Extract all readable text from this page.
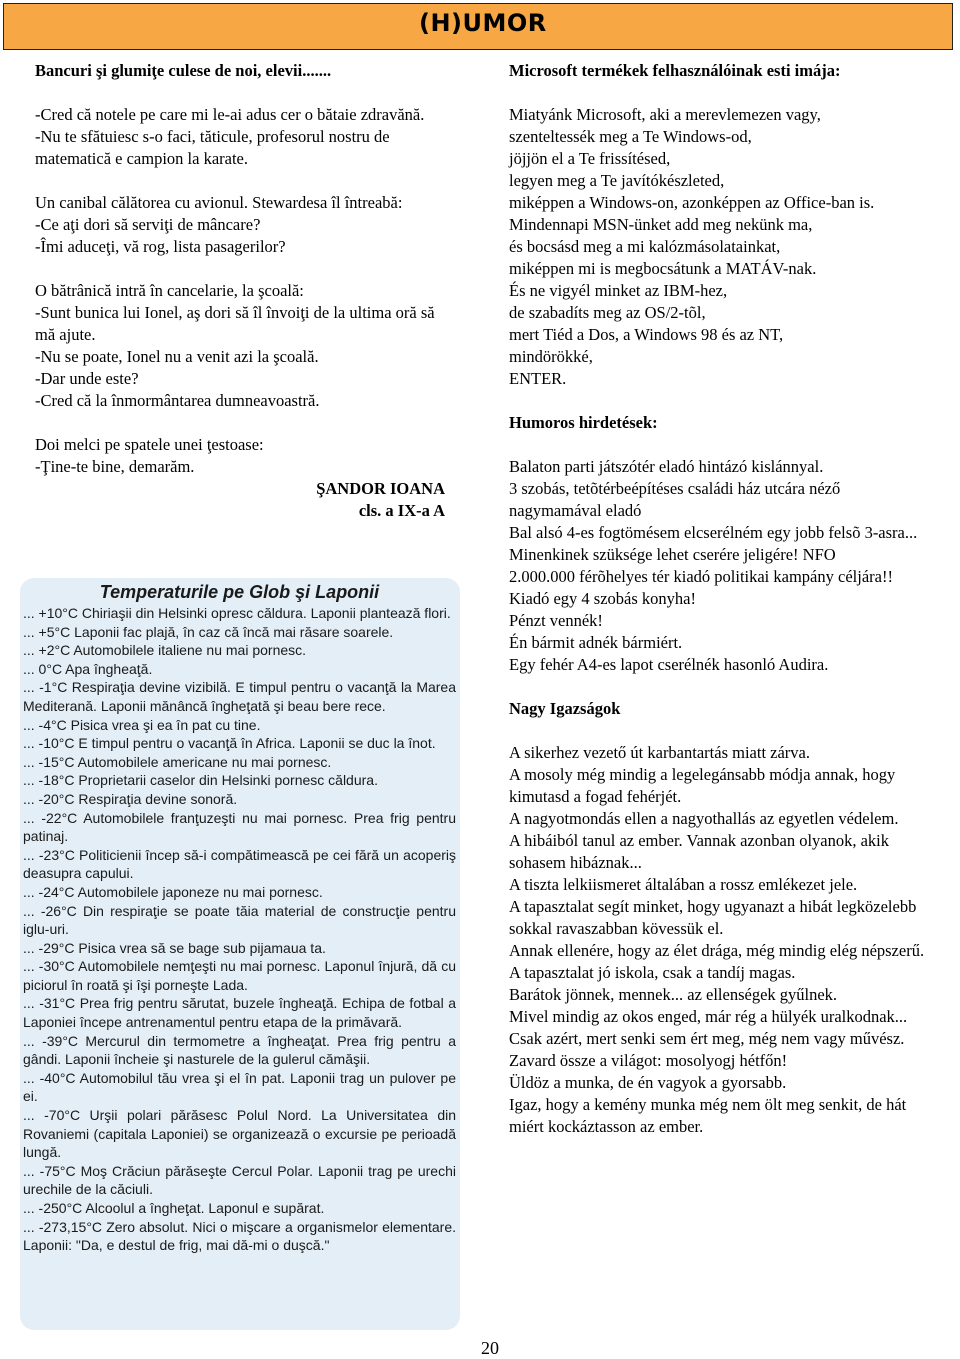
(H)UMOR

Bancuri şi glumiţe culese de noi, elevii.......

-Cred că notele pe care mi le-ai adus cer o bătaie zdravănă.

-Nu te sfătuiesc s-o faci, tăticule, profesorul nostru de matematică e campion la karate.

Un canibal călătorea cu avionul. Stewardesa îl întreabă:

-Ce aţi dori să serviţi de mâncare?

-Îmi aduceţi, vă rog, lista pasagerilor?

O bătrânică intră în cancelarie, la şcoală:

-Sunt bunica lui Ionel, aş dori să îl învoiţi de la ultima oră să mă ajute.

-Nu se poate, Ionel nu a venit azi la şcoală.

-Dar unde este?

-Cred că la înmormântarea dumneavoastră.

Doi melci pe spatele unei ţestoase:

-Ţine-te bine, demarăm.

ŞANDOR IOANA

cls. a IX-a A

Temperaturile pe Glob şi Laponii

... +10°C Chiriaşii din Helsinki opresc căldura. Laponii plantează flori.

... +5°C Laponii fac plajă, în caz că încă mai răsare soarele.

... +2°C Automobilele italiene nu mai pornesc.

... 0°C Apa îngheaţă.

... -1°C Respiraţia devine vizibilă. E timpul pentru o vacanţă la Marea Mediterană. Laponii mănâncă îngheţată şi beau bere rece.

... -4°C Pisica vrea şi ea în pat cu tine.

... -10°C E timpul pentru o vacanţă în Africa. Laponii se duc la înot.

... -15°C Automobilele americane nu mai pornesc.

... -18°C Proprietarii caselor din Helsinki pornesc căldura.

... -20°C Respiraţia devine sonoră.

... -22°C Automobilele franţuzeşti nu mai pornesc. Prea frig pentru patinaj.

... -23°C Politicienii încep să-i compătimească pe cei fără un acoperiş deasupra capului.

... -24°C Automobilele japoneze nu mai pornesc.

... -26°C Din respiraţie se poate tăia material de construcţie pentru iglu-uri.

... -29°C Pisica vrea să se bage sub pijamaua ta.

... -30°C Automobilele nemţeşti nu mai pornesc. Laponul înjură, dă cu piciorul în roată şi îşi porneşte Lada.

... -31°C Prea frig pentru sărutat, buzele îngheaţă. Echipa de fotbal a Laponiei începe antrenamentul pentru etapa de la primăvară.

... -39°C Mercurul din termometre a îngheaţat. Prea frig pentru a gândi. Laponii încheie şi nasturele de la gulerul cămăşii.

... -40°C Automobilul tău vrea şi el în pat. Laponii trag un pulover pe ei.

... -70°C Urşii polari părăsesc Polul Nord. La Universitatea din Rovaniemi (capitala Laponiei) se organizează o excursie pe perioadă lungă.

... -75°C Moş Crăciun părăseşte Cercul Polar. Laponii trag pe urechi urechile de la căciuli.

... -250°C Alcoolul a îngheţat. Laponul e supărat.

... -273,15°C Zero absolut. Nici o mişcare a organismelor elementare. Laponii: "Da, e destul de frig, mai dă-mi o duşcă."

Microsoft termékek felhasználóinak esti imája:

Miatyánk Microsoft, aki a merevlemezen vagy,

szenteltessék meg a Te Windows-od,

jöjjön el a Te frissítésed,

legyen meg a Te javítókészleted,

miképpen a Windows-on, azonképpen az Office-ban is.

Mindennapi MSN-ünket add meg nekünk ma,

és bocsásd meg a mi kalózmásolatainkat,

miképpen mi is megbocsátunk a MATÁV-nak.

És ne vigyél minket az IBM-hez,

de szabadíts meg az OS/2-tõl,

mert Tiéd a Dos, a Windows 98 és az NT,

mindörökké,

ENTER.

Humoros hirdetések:

Balaton parti játszótér eladó hintázó kislánnyal.

3 szobás, tetõtérbeépítéses családi ház utcára néző nagymamával eladó

Bal alsó 4-es fogtömésem elcserélném egy jobb felsõ 3-asra... Minenkinek szüksége lehet cserére jeligére! NFO

2.000.000 férõhelyes tér kiadó politikai kampány céljára!!

Kiadó egy 4 szobás konyha!

Pénzt vennék!

Én bármit adnék bármiért.

Egy fehér A4-es lapot cserélnék hasonló Audira.

Nagy Igazságok

A sikerhez vezető út karbantartás miatt zárva.

A mosoly még mindig a legelegánsabb módja annak, hogy kimutasd a fogad fehérjét.

A nagyotmondás ellen a nagyothallás az egyetlen védelem.

A hibáiból tanul az ember. Vannak azonban olyanok, akik sohasem hibáznak...

A tiszta lelkiismeret általában a rossz emlékezet jele.

A tapasztalat segít minket, hogy ugyanazt a hibát legközelebb sokkal ravaszabban kövessük el.

Annak ellenére, hogy az élet drága, még mindig elég népszerű.

A tapasztalat jó iskola, csak a tandíj magas.

Barátok jönnek, mennek... az ellenségek gyűlnek.

Mivel mindig az okos enged, már rég a hülyék uralkodnak...

Csak azért, mert senki sem ért meg, még nem vagy művész.

Zavard össze a világot: mosolyogj hétfőn!

Üldöz a munka, de én vagyok a gyorsabb.

Igaz, hogy a kemény munka még nem ölt meg senkit, de hát miért kockáztasson az ember.

20
